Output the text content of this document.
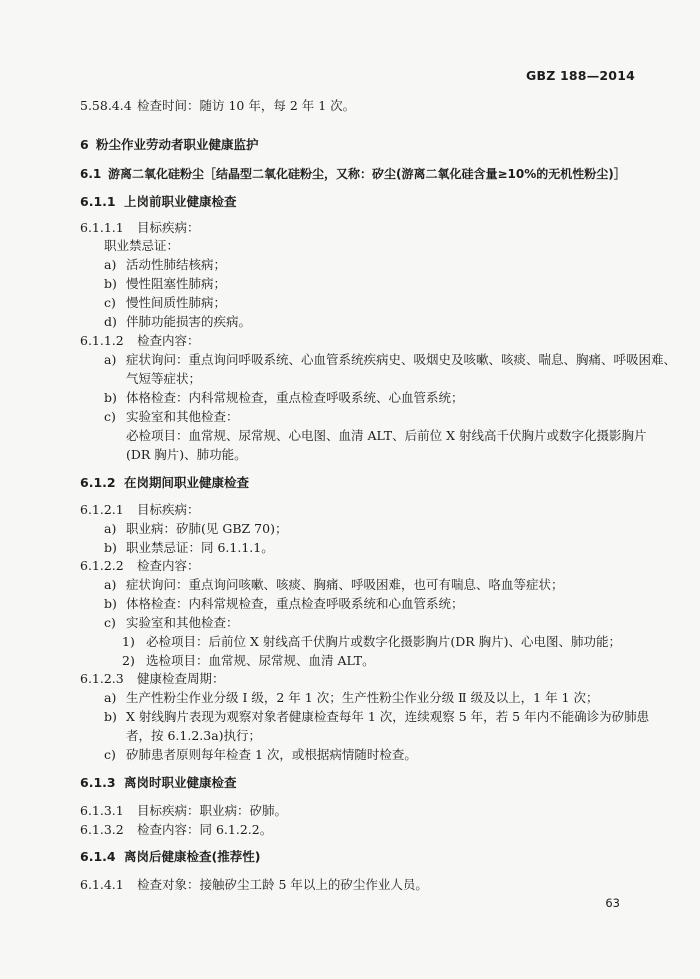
GBZ 188—2014
5.58.4.4 检查时间：随访 10 年，每 2 年 1 次。
6 粉尘作业劳动者职业健康监护
6.1 游离二氧化硅粉尘［结晶型二氧化硅粉尘，又称：矽尘(游离二氧化硅含量≥10%的无机性粉尘)］
6.1.1 上岗前职业健康检查
6.1.1.1 目标疾病：
职业禁忌证：
a) 活动性肺结核病；
b) 慢性阻塞性肺病；
c) 慢性间质性肺病；
d) 伴肺功能损害的疾病。
6.1.1.2 检查内容：
a) 症状询问：重点询问呼吸系统、心血管系统疾病史、吸烟史及咳嗽、咳痰、喘息、胸痛、呼吸困难、
气短等症状；
b) 体格检查：内科常规检查，重点检查呼吸系统、心血管系统；
c) 实验室和其他检查：
必检项目：血常规、尿常规、心电图、血清 ALT、后前位 X 射线高千伏胸片或数字化摄影胸片
(DR 胸片)、肺功能。
6.1.2 在岗期间职业健康检查
6.1.2.1 目标疾病：
a) 职业病：矽肺(见 GBZ 70)；
b) 职业禁忌证：同 6.1.1.1。
6.1.2.2 检查内容：
a) 症状询问：重点询问咳嗽、咳痰、胸痛、呼吸困难，也可有喘息、咯血等症状；
b) 体格检查：内科常规检查，重点检查呼吸系统和心血管系统；
c) 实验室和其他检查：
1) 必检项目：后前位 X 射线高千伏胸片或数字化摄影胸片(DR 胸片)、心电图、肺功能；
2) 选检项目：血常规、尿常规、血清 ALT。
6.1.2.3 健康检查周期：
a) 生产性粉尘作业分级 Ⅰ 级，2 年 1 次；生产性粉尘作业分级 Ⅱ 级及以上，1 年 1 次；
b) X 射线胸片表现为观察对象者健康检查每年 1 次，连续观察 5 年，若 5 年内不能确诊为矽肺患
者，按 6.1.2.3a)执行；
c) 矽肺患者原则每年检查 1 次，或根据病情随时检查。
6.1.3 离岗时职业健康检查
6.1.3.1 目标疾病：职业病：矽肺。
6.1.3.2 检查内容：同 6.1.2.2。
6.1.4 离岗后健康检查(推荐性)
6.1.4.1 检查对象：接触矽尘工龄 5 年以上的矽尘作业人员。
63
